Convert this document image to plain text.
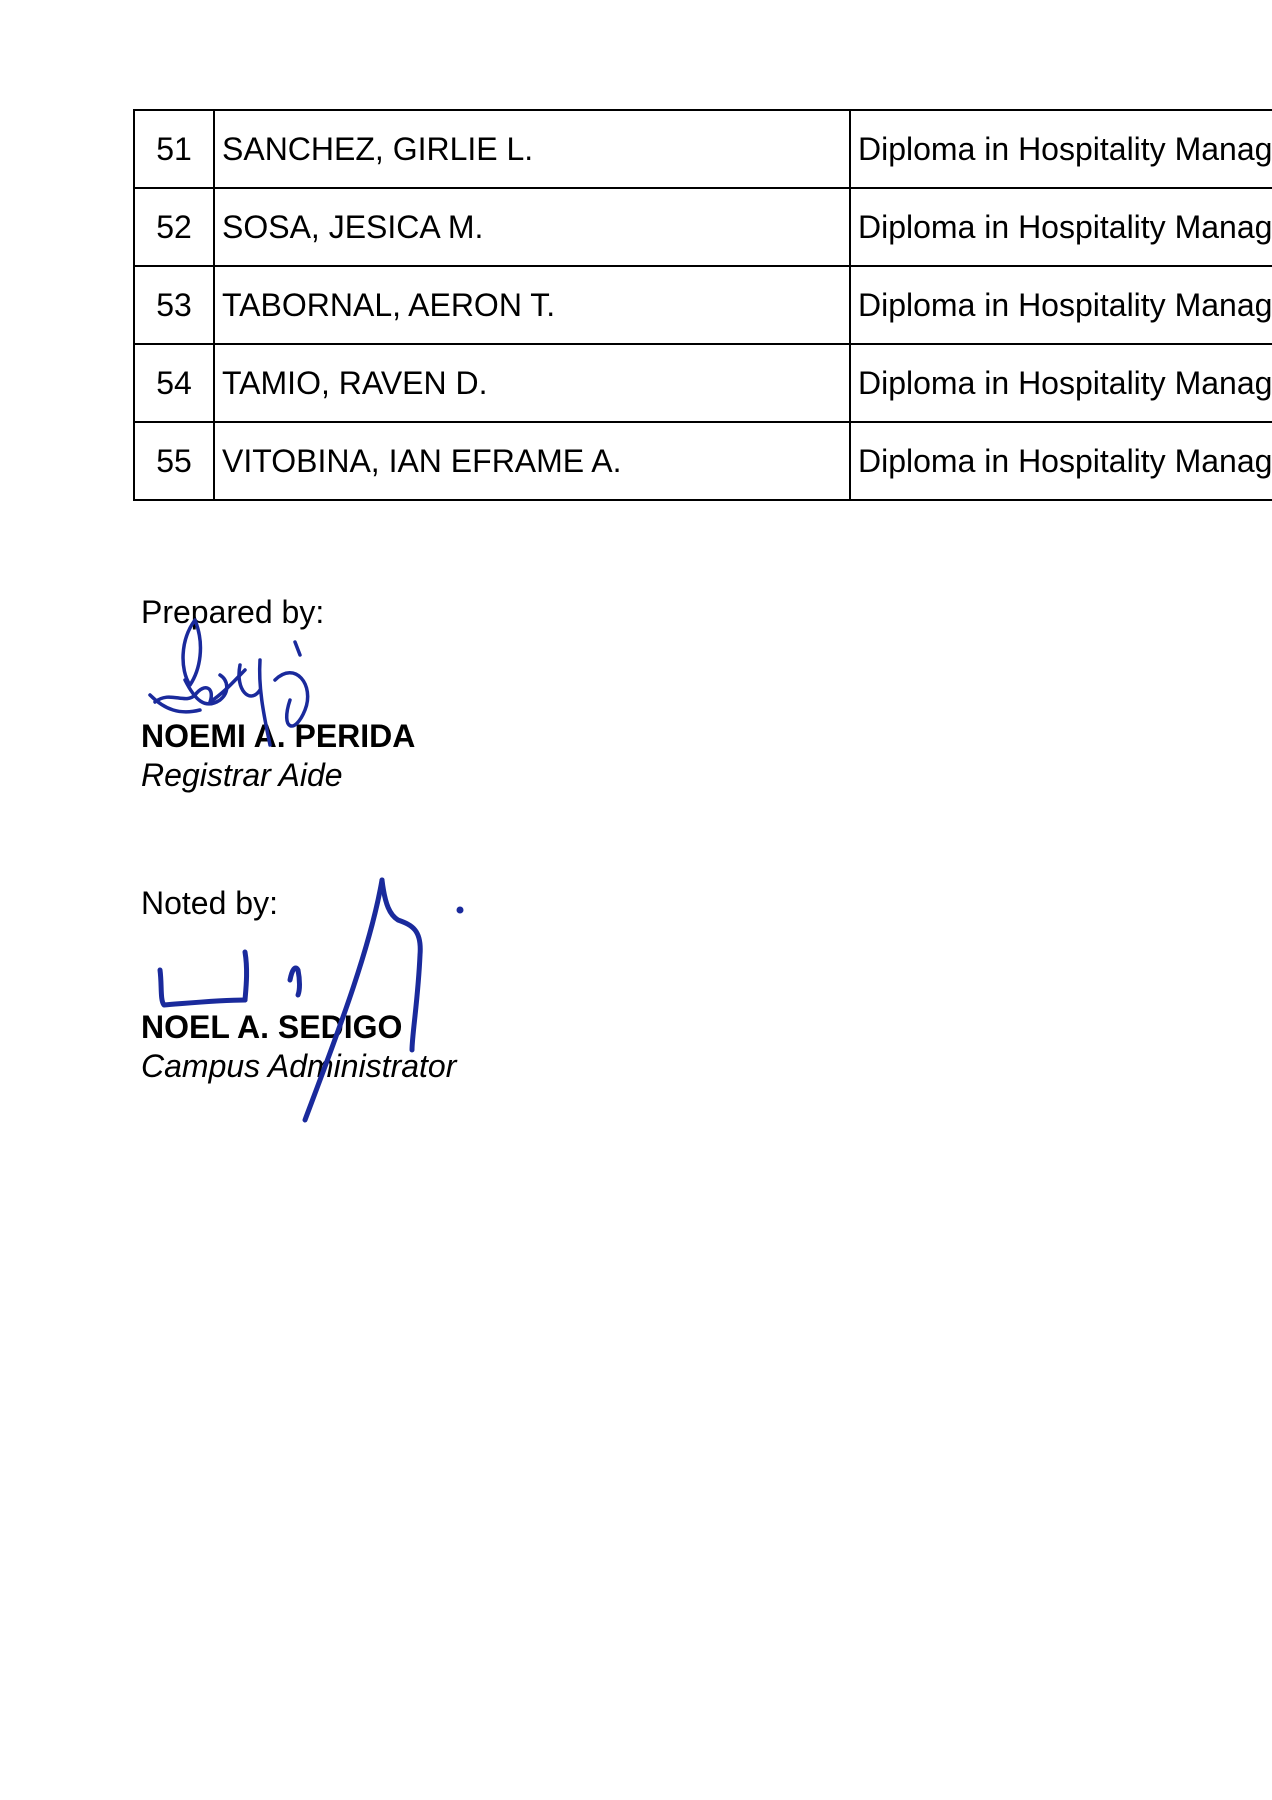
51	SANCHEZ, GIRLIE L.	Diploma in Hospitality Manag
52	SOSA, JESICA M.	Diploma in Hospitality Manag
53	TABORNAL, AERON T.	Diploma in Hospitality Manag
54	TAMIO, RAVEN D.	Diploma in Hospitality Manag
55	VITOBINA, IAN EFRAME A.	Diploma in Hospitality Manag
Prepared by:
NOEMI A. PERIDA
Registrar Aide
Noted by:
NOEL A. SEDIGO
Campus Administrator
